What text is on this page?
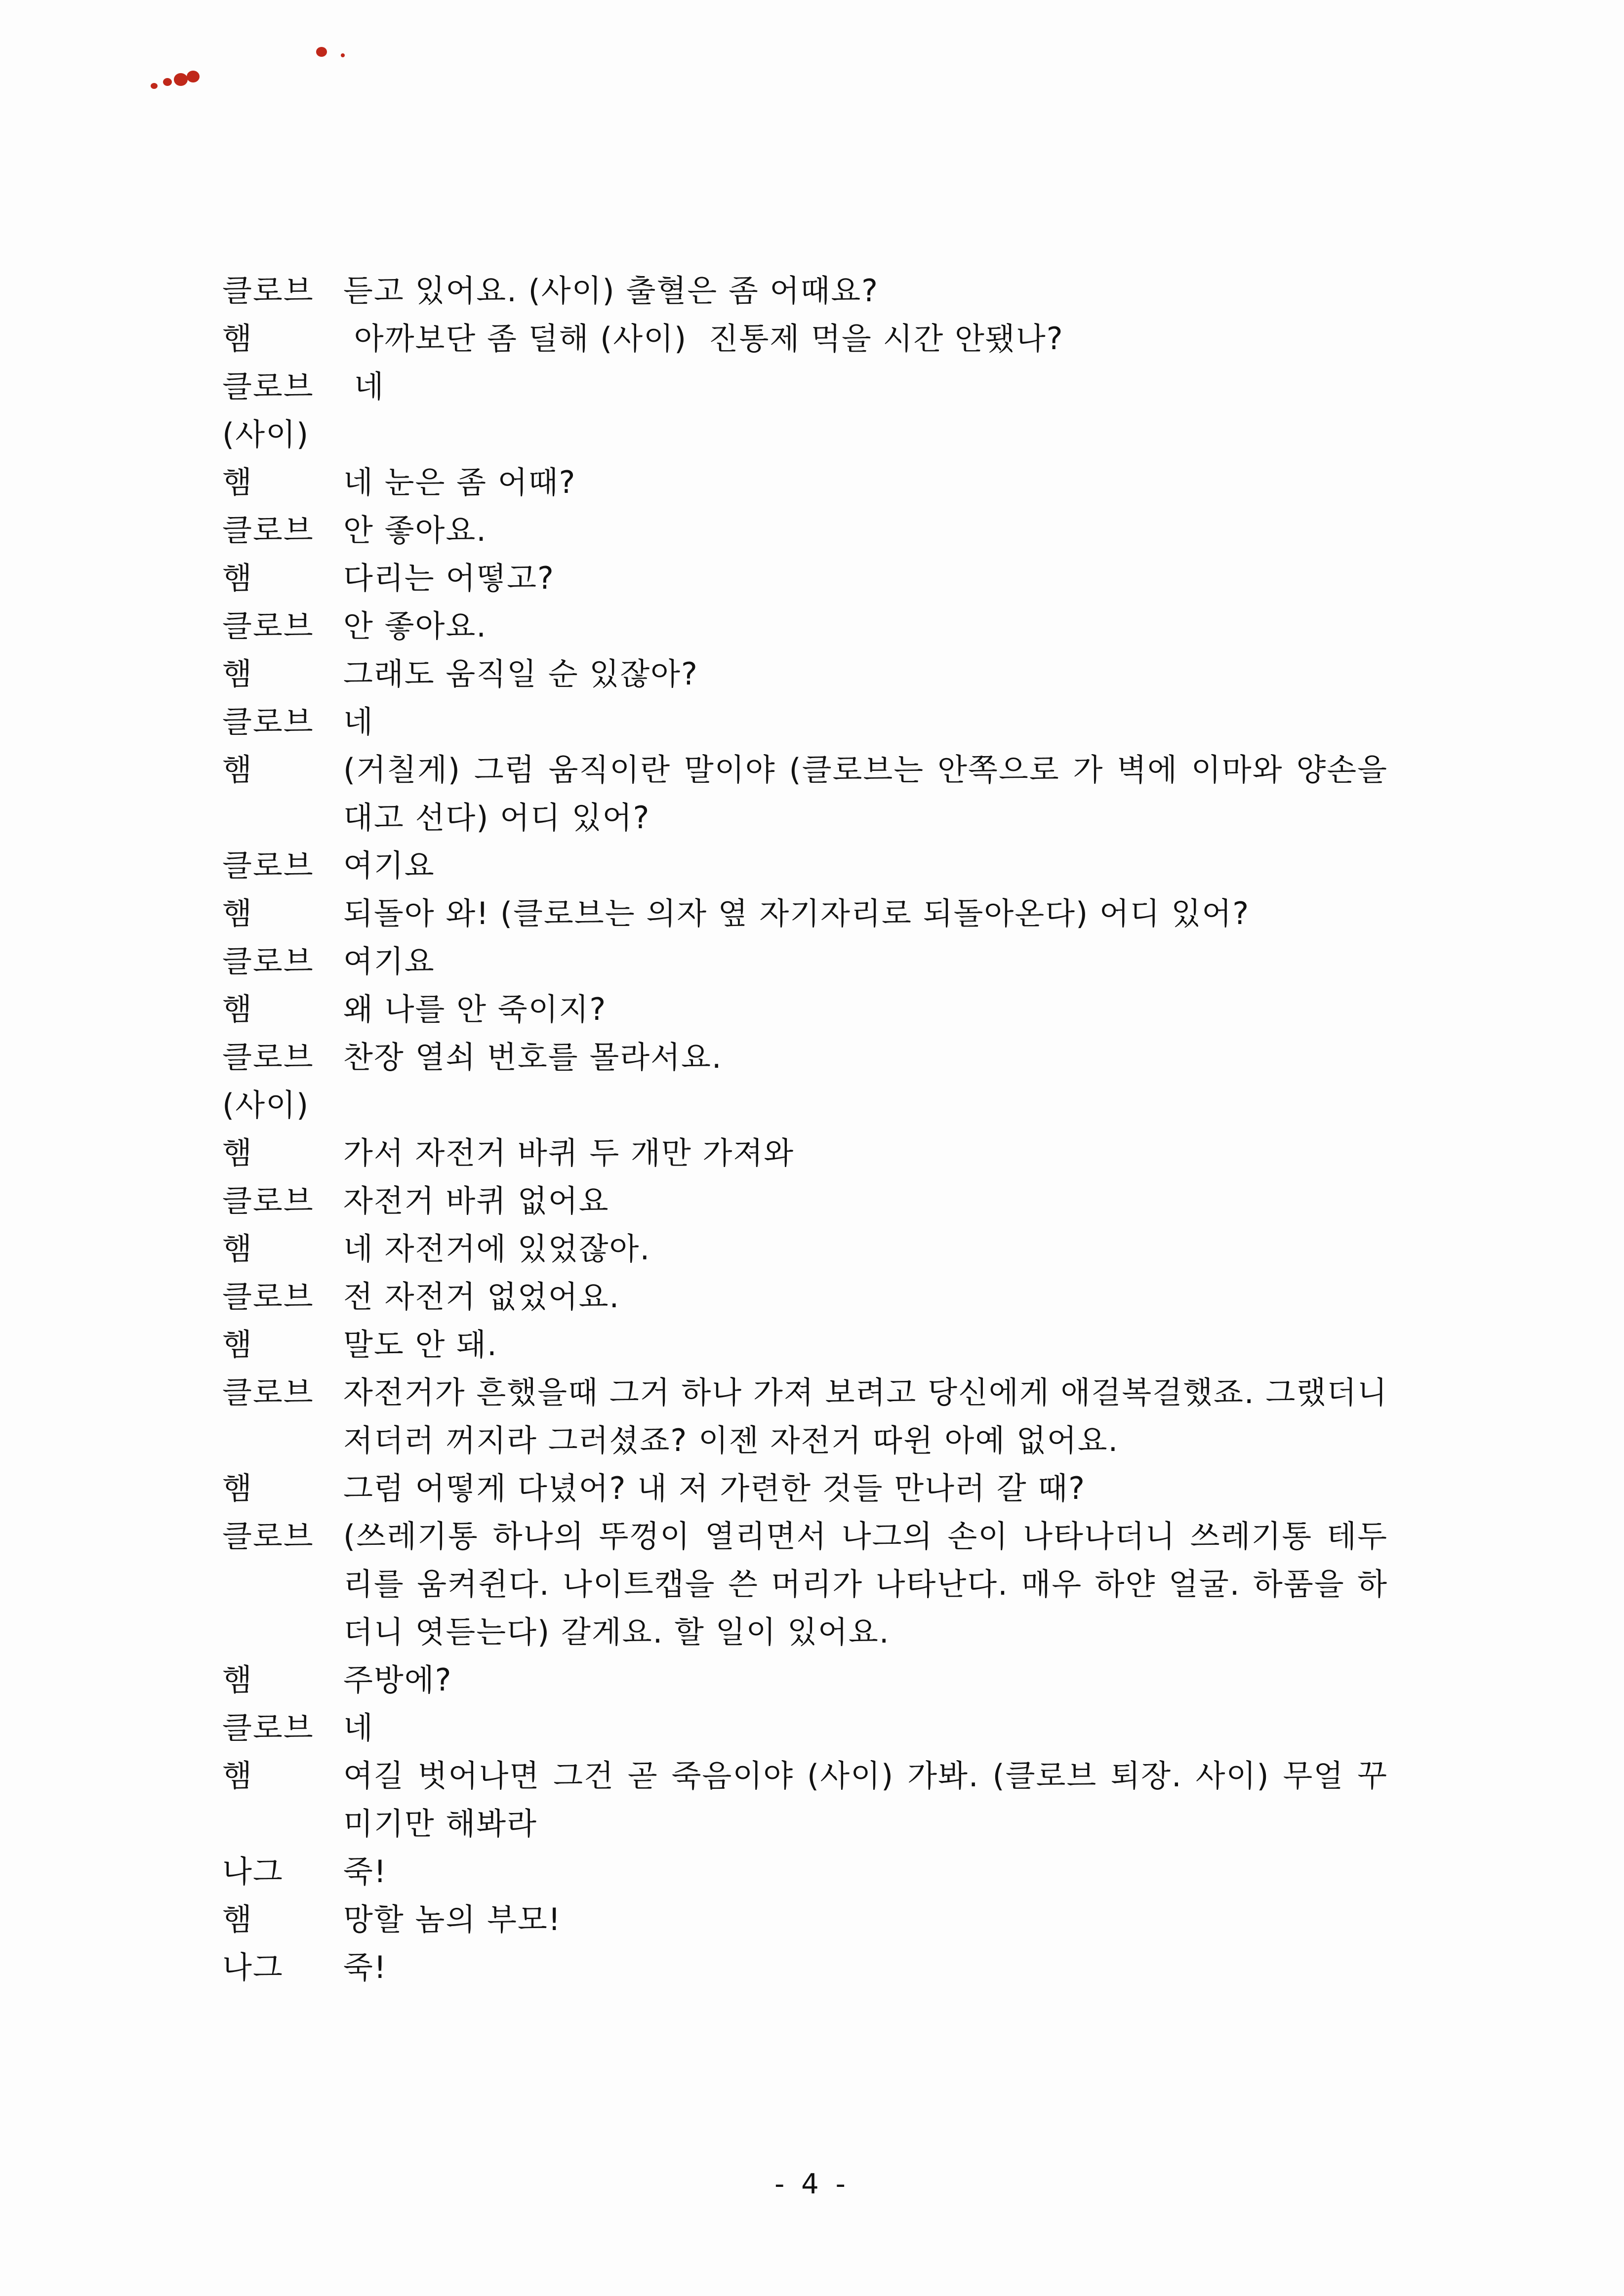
클로브 듣고 있어요. (사이) 출혈은 좀 어때요?
햄	아까보단 좀 덜해 (사이)  진통제 먹을 시간 안됐나?
클로브 네
(사이)
햄	네 눈은 좀 어때?
클로브 안 좋아요.
햄	다리는 어떻고?
클로브 안 좋아요.
햄	그래도 움직일 순 있잖아?
클로브 네
햄	(거칠게) 그럼 움직이란 말이야 (클로브는 안쪽으로 가 벽에 이마와 양손을 대고 선다) 어디 있어?
클로브 여기요
햄	되돌아 와! (클로브는 의자 옆 자기자리로 되돌아온다) 어디 있어?
클로브 여기요
햄	왜 나를 안 죽이지?
클로브 찬장 열쇠 번호를 몰라서요.
(사이)
햄	가서 자전거 바퀴 두 개만 가져와
클로브 자전거 바퀴 없어요
햄	네 자전거에 있었잖아.
클로브 전 자전거 없었어요.
햄	말도 안 돼.
클로브 자전거가 흔했을때 그거 하나 가져 보려고 당신에게 애걸복걸했죠. 그랬더니 저더러 꺼지라 그러셨죠? 이젠 자전거 따윈 아예 없어요.
햄	그럼 어떻게 다녔어? 내 저 가련한 것들 만나러 갈 때?
클로브 (쓰레기통 하나의 뚜껑이 열리면서 나그의 손이 나타나더니 쓰레기통 테두리를 움켜쥔다. 나이트캡을 쓴 머리가 나타난다. 매우 하얀 얼굴. 하품을 하더니 엿듣는다) 갈게요. 할 일이 있어요.
햄	주방에?
클로브 네
햄	여길 벗어나면 그건 곧 죽음이야 (사이) 가봐. (클로브 퇴장. 사이) 무얼 꾸미기만 해봐라
나그	죽!
햄	망할 놈의 부모!
나그	죽!
- 4 -
